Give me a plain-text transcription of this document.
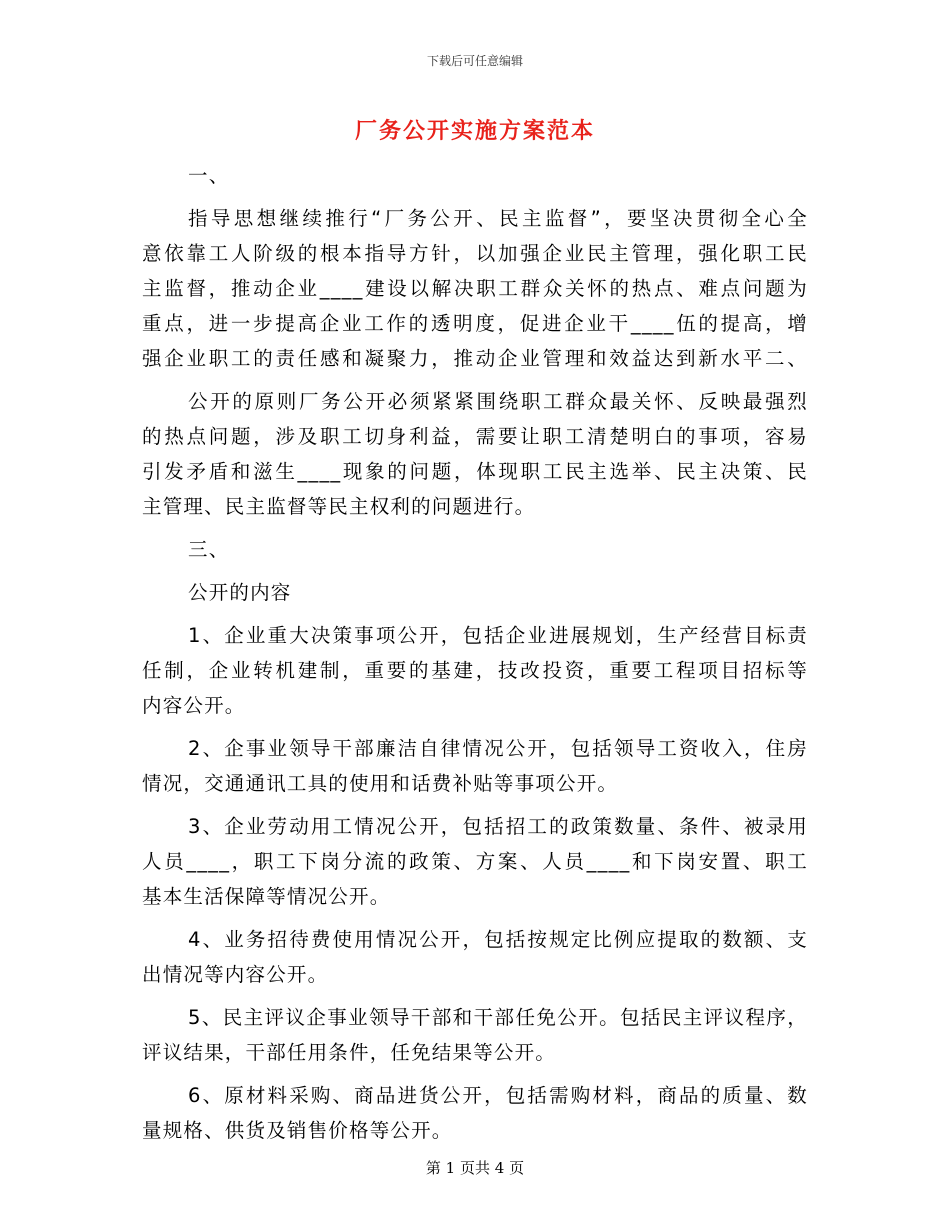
下载后可任意编辑
厂务公开实施方案范本
一、
指导思想继续推行“厂务公开、民主监督”，要坚决贯彻全心全
意依靠工人阶级的根本指导方针，以加强企业民主管理，强化职工民
主监督，推动企业____建设以解决职工群众关怀的热点、难点问题为
重点，进一步提高企业工作的透明度，促进企业干____伍的提高，增
强企业职工的责任感和凝聚力，推动企业管理和效益达到新水平二、
公开的原则厂务公开必须紧紧围绕职工群众最关怀、反映最强烈
的热点问题，涉及职工切身利益，需要让职工清楚明白的事项，容易
引发矛盾和滋生____现象的问题，体现职工民主选举、民主决策、民
主管理、民主监督等民主权利的问题进行。
三、
公开的内容
1、企业重大决策事项公开，包括企业进展规划，生产经营目标责
任制，企业转机建制，重要的基建，技改投资，重要工程项目招标等
内容公开。
2、企事业领导干部廉洁自律情况公开，包括领导工资收入，住房
情况，交通通讯工具的使用和话费补贴等事项公开。
3、企业劳动用工情况公开，包括招工的政策数量、条件、被录用
人员____，职工下岗分流的政策、方案、人员____和下岗安置、职工
基本生活保障等情况公开。
4、业务招待费使用情况公开，包括按规定比例应提取的数额、支
出情况等内容公开。
5、民主评议企事业领导干部和干部任免公开。包括民主评议程序，
评议结果，干部任用条件，任免结果等公开。
6、原材料采购、商品进货公开，包括需购材料，商品的质量、数
量规格、供货及销售价格等公开。
第 1 页共 4 页
